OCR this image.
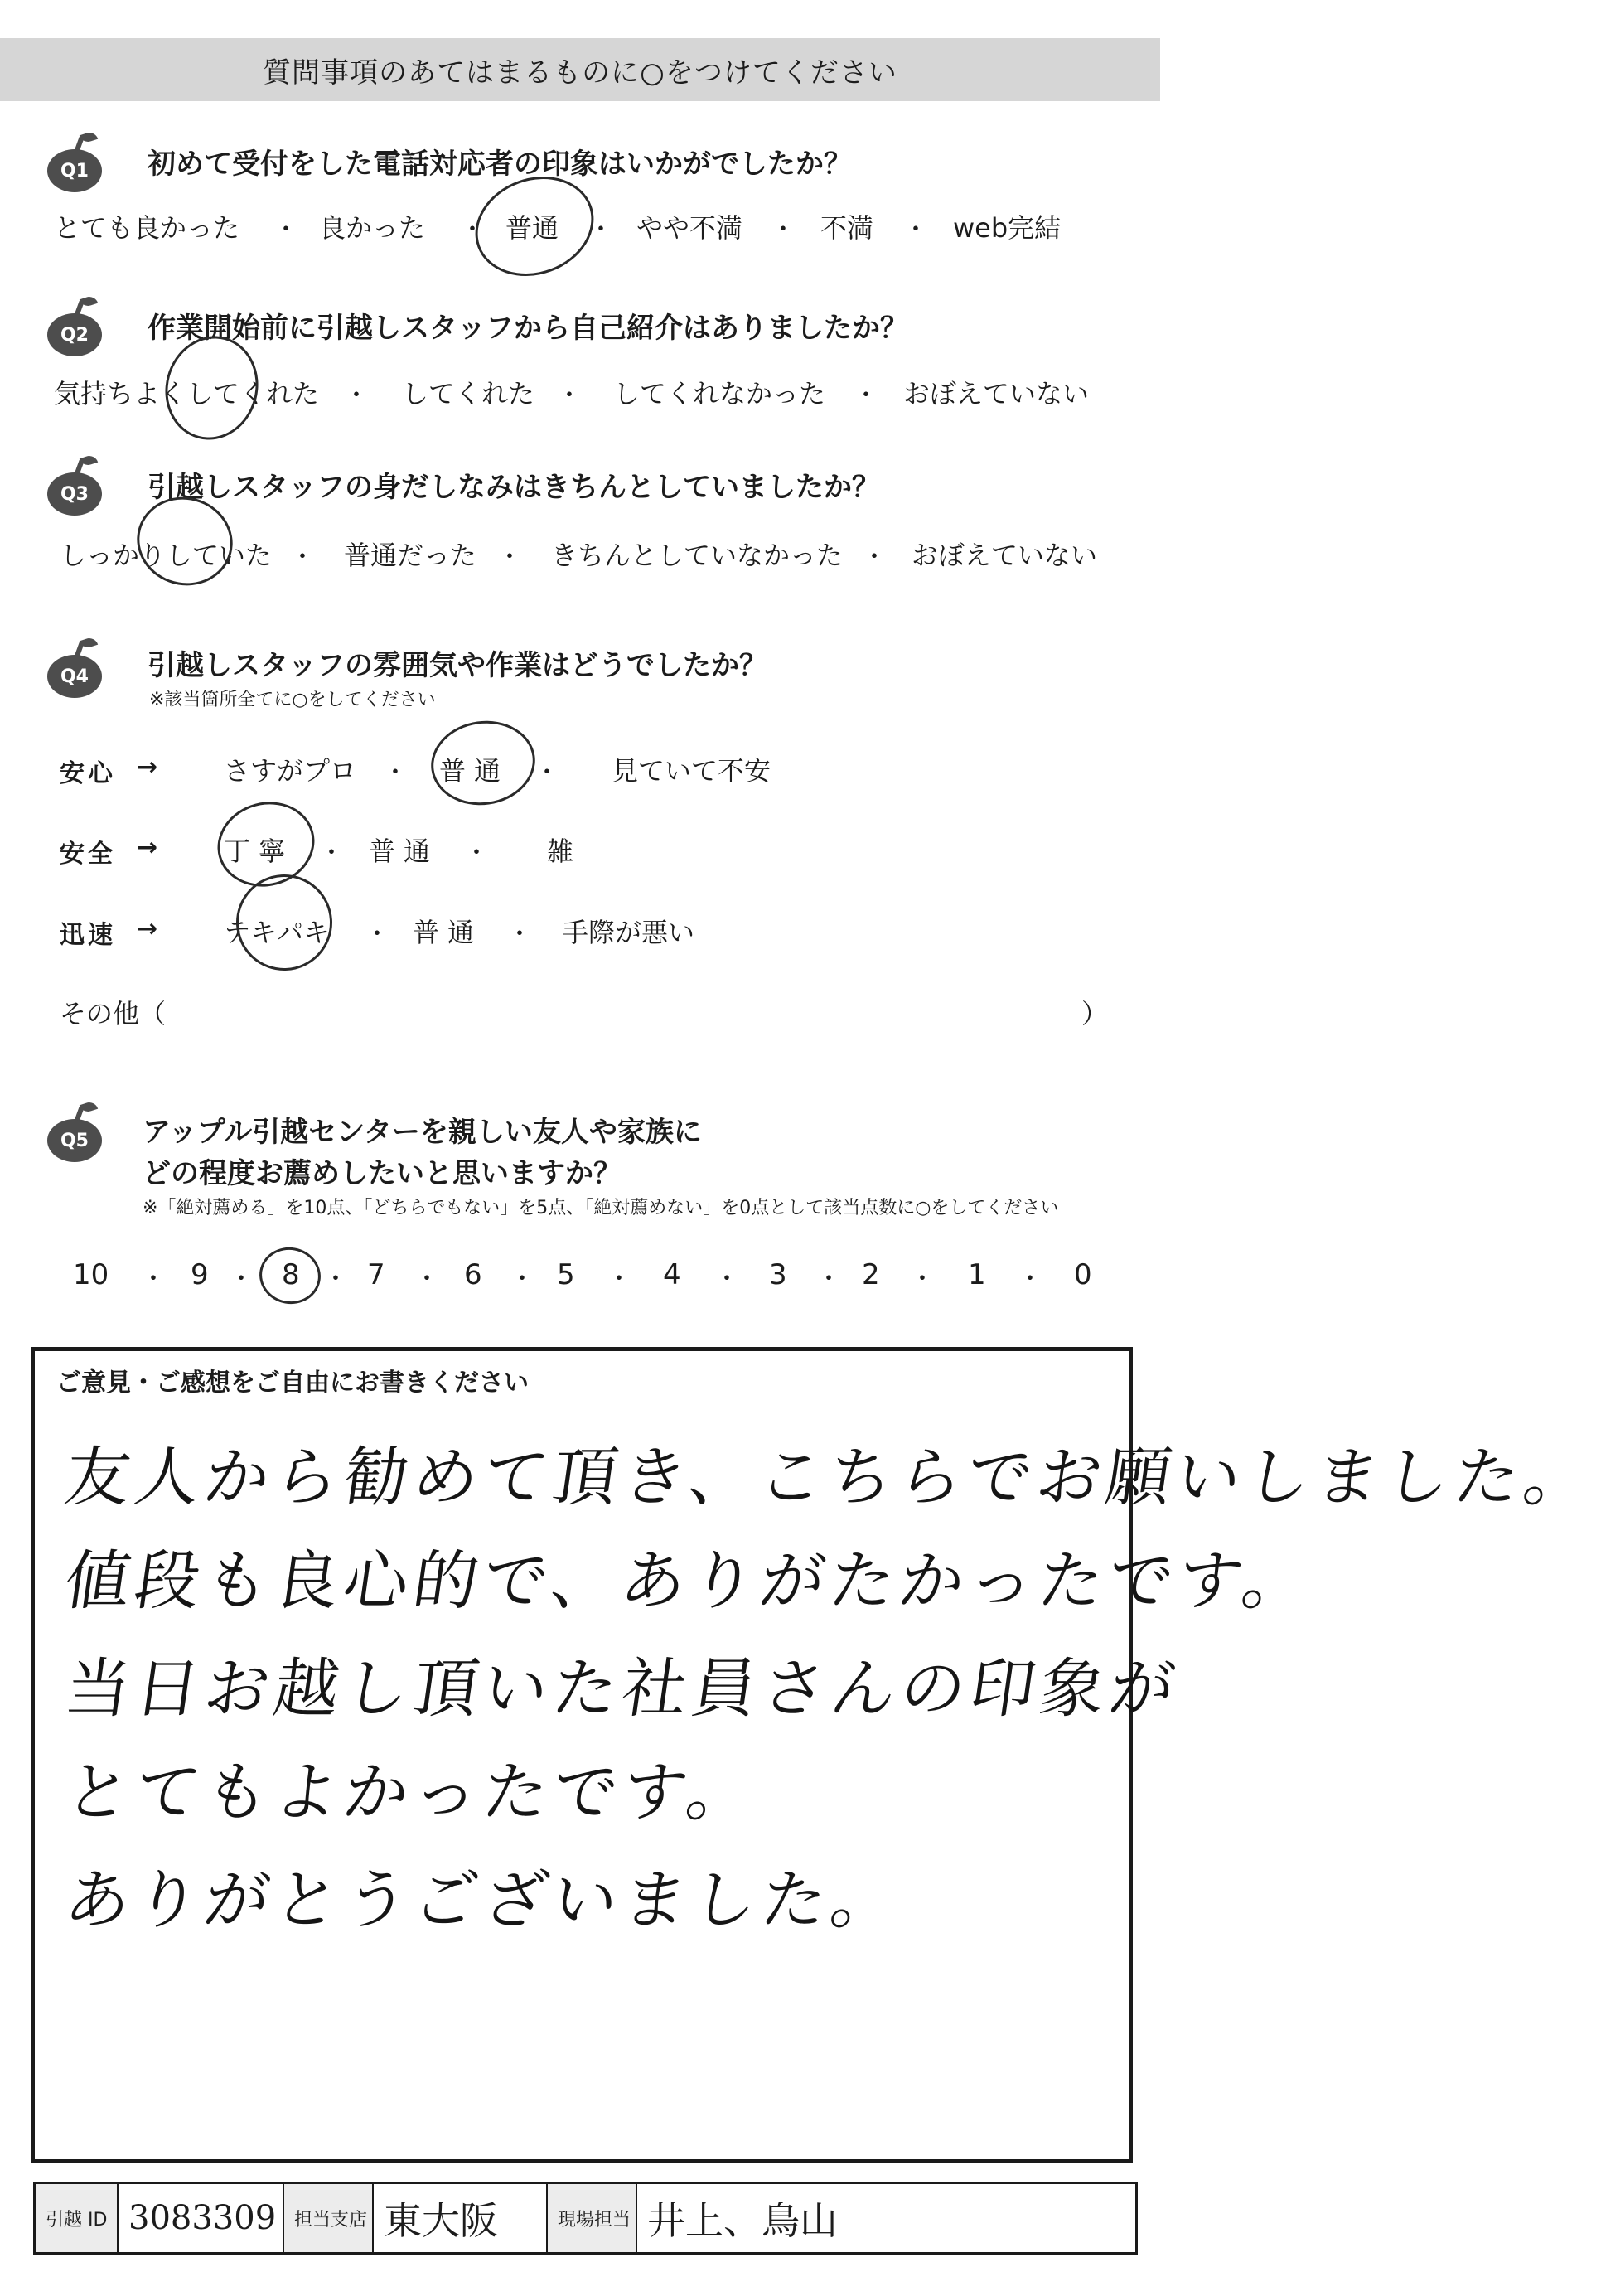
質問事項のあてはまるものに○をつけてください
Q1 初めて受付をした電話対応者の印象はいかがでしたか？
とても良かった ・ 良かった ・ 普通 ・ やや不満 ・ 不満 ・ web完結
Q2 作業開始前に引越しスタッフから自己紹介はありましたか？
気持ちよくしてくれた ・ してくれた ・ してくれなかった ・ おぼえていない
Q3 引越しスタッフの身だしなみはきちんとしていましたか？
しっかりしていた ・ 普通だった ・ きちんとしていなかった ・ おぼえていない
Q4 引越しスタッフの雰囲気や作業はどうでしたか？
※該当箇所全てに○をしてください
安心 → さすがプロ ・ 普通 ・ 見ていて不安
安全 → 丁寧 ・ 普通 ・ 雑
迅速 → テキパキ ・ 普通 ・ 手際が悪い
その他（	）
Q5 アップル引越センターを親しい友人や家族に
どの程度お薦めしたいと思いますか？
※「絶対薦める」を10点、「どちらでもない」を5点、「絶対薦めない」を0点として該当点数に○をしてください
10 ・ 9 ・ 8 ・ 7 ・ 6 ・ 5 ・ 4 ・ 3 ・ 2 ・ 1 ・ 0
ご意見・ご感想をご自由にお書きください
友人から勧めて頂き、こちらでお願いしました。
値段も良心的で、ありがたかったです。
当日お越し頂いた社員さんの印象が
とてもよかったです。
ありがとうございました。
引越 ID 3083309 担当支店 東大阪	現場担当 井上、鳥山
